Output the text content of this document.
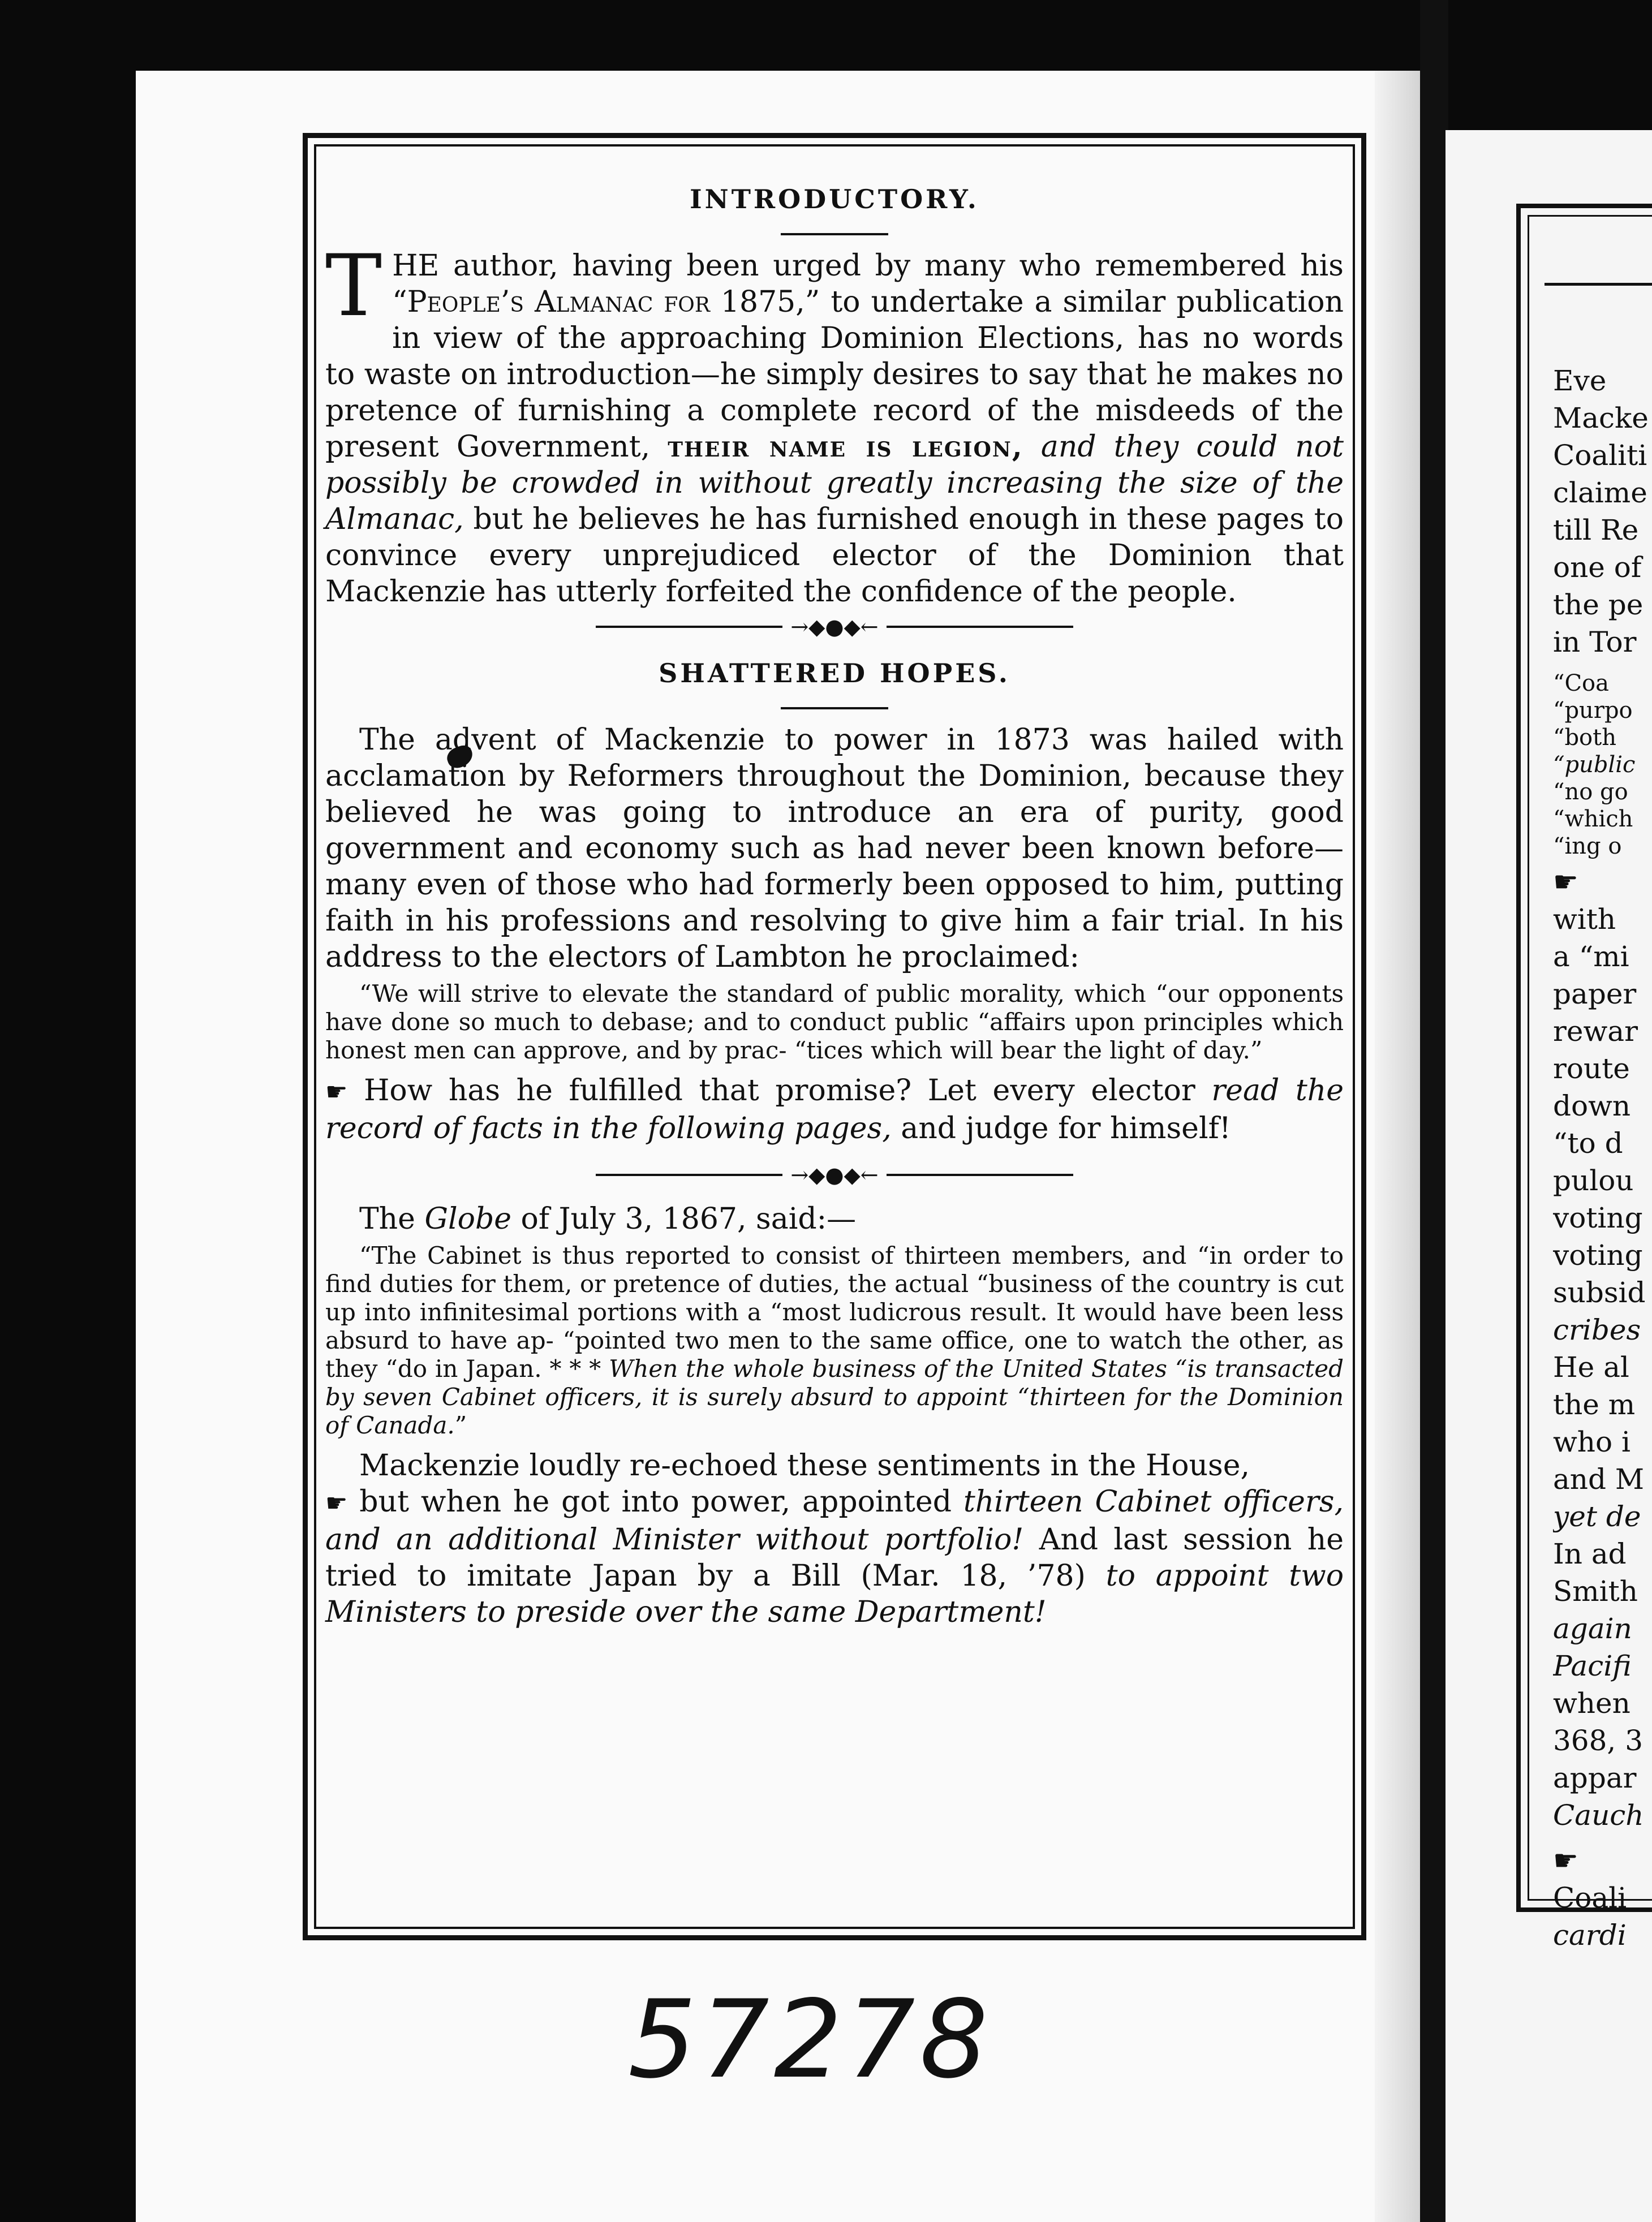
INTRODUCTORY.

THE author, having been urged by many who remembered his “People’s Almanac for 1875,” to undertake a similar publication in view of the approaching Dominion Elections, has no words to waste on introduction—he simply desires to say that he makes no pretence of furnishing a complete record of the misdeeds of the present Government, their name is legion, and they could not possibly be crowded in without greatly increasing the size of the Almanac, but he believes he has furnished enough in these pages to convince every unprejudiced elector of the Dominion that Mackenzie has utterly forfeited the confidence of the people.

→◆●◆←
SHATTERED HOPES.

The advent of Mackenzie to power in 1873 was hailed with acclamation by Reformers throughout the Dominion, because they believed he was going to introduce an era of purity, good government and economy such as had never been known before—many even of those who had formerly been opposed to him, putting faith in his professions and resolving to give him a fair trial. In his address to the electors of Lambton he proclaimed:

“We will strive to elevate the standard of public morality, which “our opponents have done so much to debase; and to conduct public “affairs upon principles which honest men can approve, and by prac- “tices which will bear the light of day.”

☛ How has he fulfilled that promise? Let every elector read the record of facts in the following pages, and judge for himself!

→◆●◆←

The Globe of July 3, 1867, said:—

“The Cabinet is thus reported to consist of thirteen members, and “in order to find duties for them, or pretence of duties, the actual “business of the country is cut up into infinitesimal portions with a “most ludicrous result. It would have been less absurd to have ap- “pointed two men to the same office, one to watch the other, as they “do in Japan. * * * When the whole business of the United States “is transacted by seven Cabinet officers, it is surely absurd to appoint “thirteen for the Dominion of Canada.”

Mackenzie loudly re-echoed these sentiments in the House,
☛ but when he got into power, appointed thirteen Cabinet officers, and an additional Minister without portfolio! And last session he tried to imitate Japan by a Bill (Mar. 18, ’78) to appoint two Ministers to preside over the same Department!

57278
Eve
Macke
Coaliti
claime
till Re
one of
the pe
in Tor
“Coa
“purpo
“both
“public
“no go
“which
“ing o
☛
with
a “mi
paper
rewar
route
down
“to d
pulou
voting
voting
subsid
cribes
He al
the m
who i
and M
yet de
In ad
Smith
again
Pacifi
when
368, 3
appar
Cauch
☛
Coali
cardi
